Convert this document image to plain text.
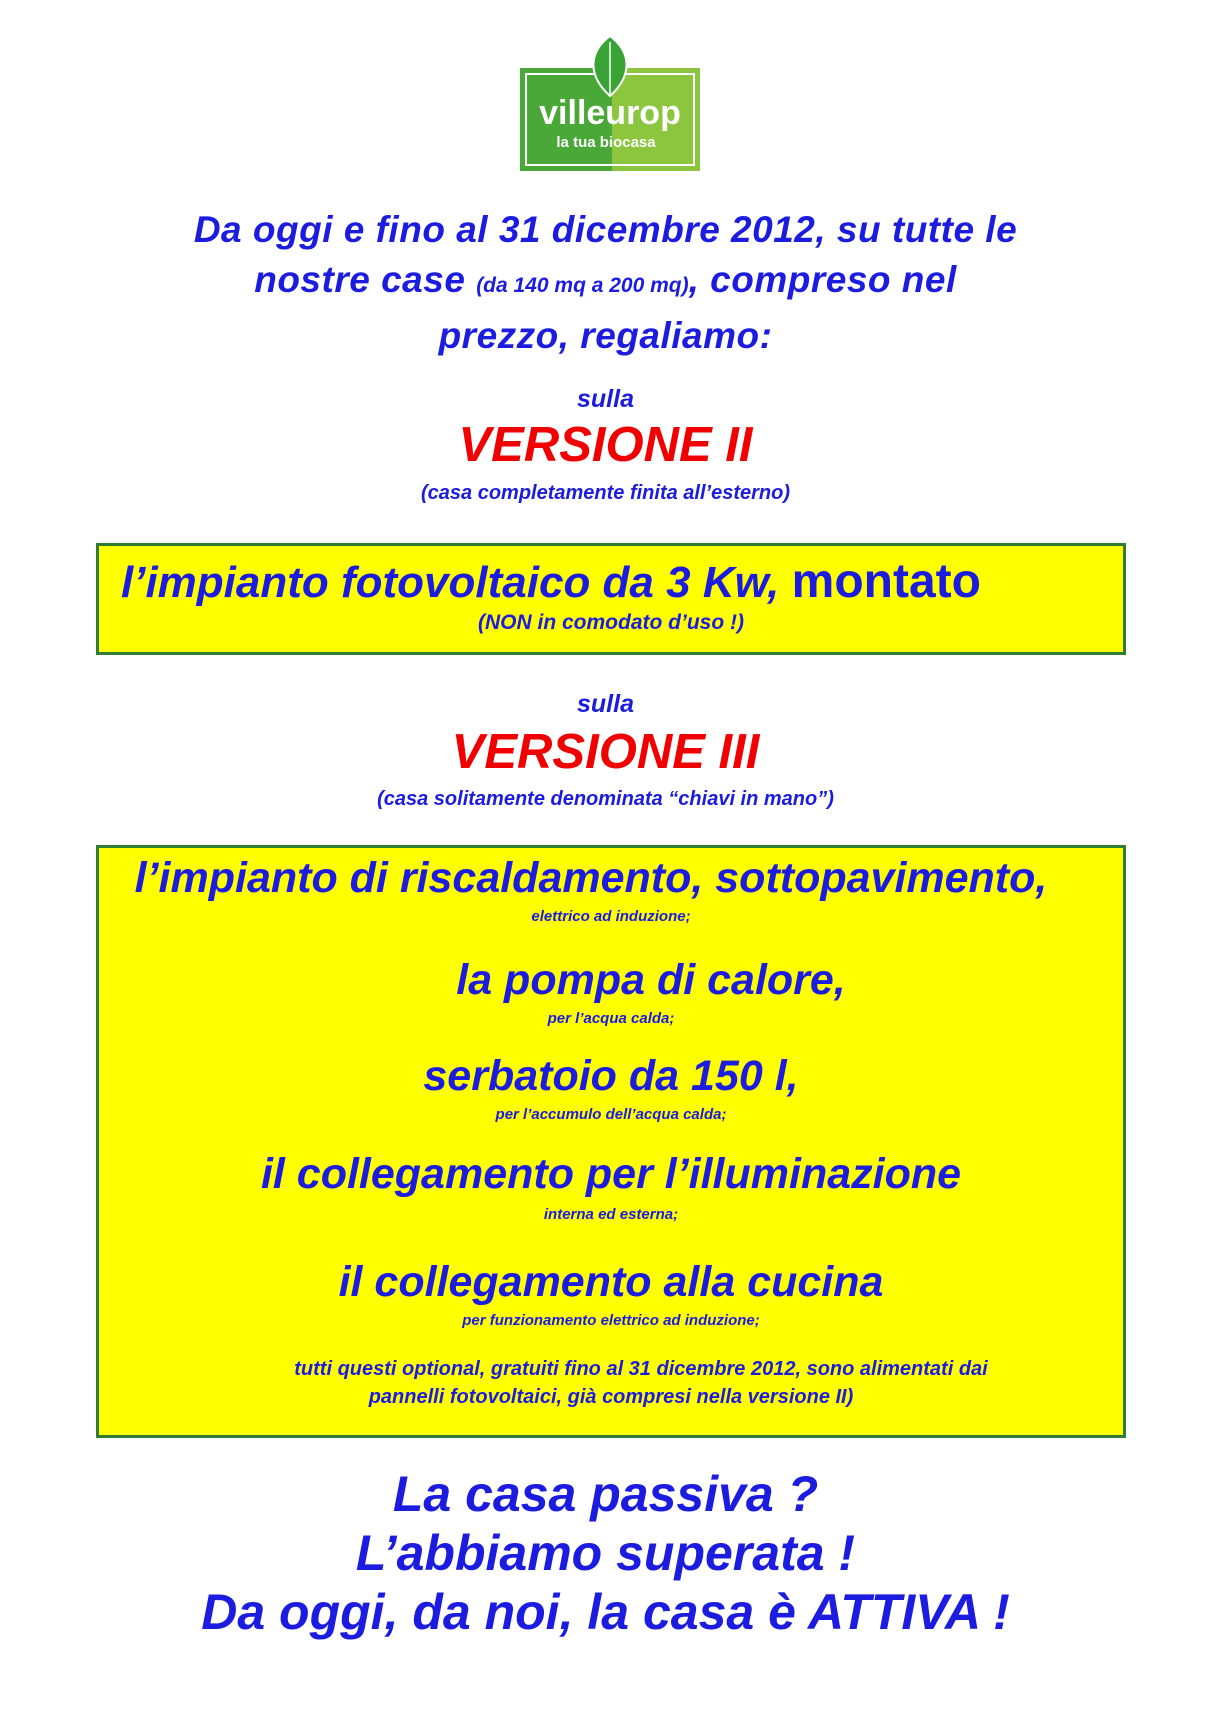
villeurop
la tua biocasa
Da oggi e fino al 31 dicembre 2012, su tutte le
nostre case (da 140 mq a 200 mq), compreso nel
prezzo, regaliamo:
sulla
VERSIONE II
(casa completamente finita all’esterno)
l’impianto fotovoltaico da 3 Kw, montato
(NON in comodato d’uso !)
sulla
VERSIONE III
(casa solitamente denominata “chiavi in mano”)
l’impianto di riscaldamento, sottopavimento,
elettrico ad induzione;
la pompa di calore,
per l’acqua calda;
serbatoio da 150 l,
per l’accumulo dell’acqua calda;
il collegamento per l’illuminazione
interna ed esterna;
il collegamento alla cucina
per funzionamento elettrico ad induzione;
tutti questi optional, gratuiti fino al 31 dicembre 2012, sono alimentati dai
pannelli fotovoltaici, già compresi nella versione II)
La casa passiva ?
L’abbiamo superata !
Da oggi, da noi, la casa è ATTIVA !
